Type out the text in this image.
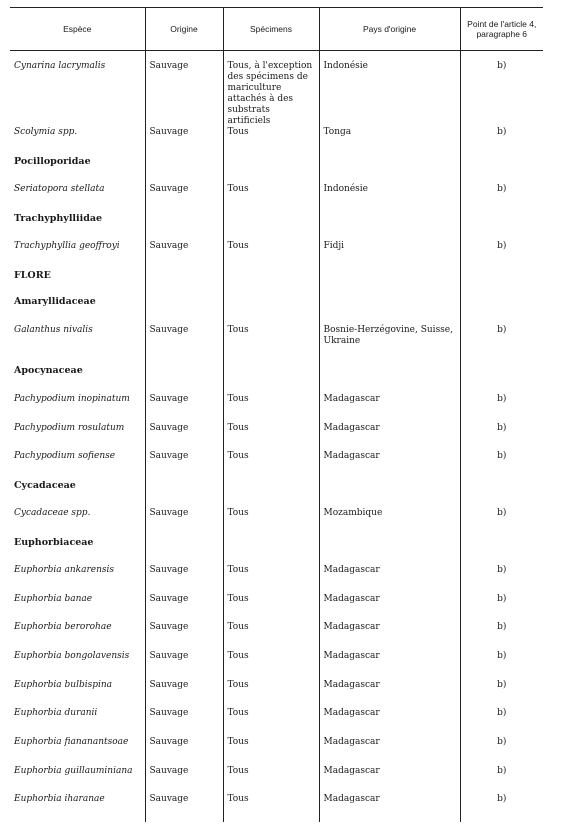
Espèce	Origine	Spécimens	Pays d'origine	Point de l'article 4, paragraphe 6
Cynarina lacrymalis	Sauvage	Tous, à l'exception des spécimens de mariculture attachés à des substrats artificiels	Indonésie	b)
Scolymia spp.	Sauvage	Tous	Tonga	b)
Pocilloporidae				
Seriatopora stellata	Sauvage	Tous	Indonésie	b)
Trachyphylliidae				
Trachyphyllia geoffroyi	Sauvage	Tous	Fidji	b)
FLORE				
Amaryllidaceae				
Galanthus nivalis	Sauvage	Tous	Bosnie-Herzégovine, Suisse, Ukraine	b)
Apocynaceae				
Pachypodium inopinatum	Sauvage	Tous	Madagascar	b)
Pachypodium rosulatum	Sauvage	Tous	Madagascar	b)
Pachypodium sofiense	Sauvage	Tous	Madagascar	b)
Cycadaceae				
Cycadaceae spp.	Sauvage	Tous	Mozambique	b)
Euphorbiaceae				
Euphorbia ankarensis	Sauvage	Tous	Madagascar	b)
Euphorbia banae	Sauvage	Tous	Madagascar	b)
Euphorbia berorohae	Sauvage	Tous	Madagascar	b)
Euphorbia bongolavensis	Sauvage	Tous	Madagascar	b)
Euphorbia bulbispina	Sauvage	Tous	Madagascar	b)
Euphorbia duranii	Sauvage	Tous	Madagascar	b)
Euphorbia fiananantsoae	Sauvage	Tous	Madagascar	b)
Euphorbia guillauminiana	Sauvage	Tous	Madagascar	b)
Euphorbia iharanae	Sauvage	Tous	Madagascar	b)
